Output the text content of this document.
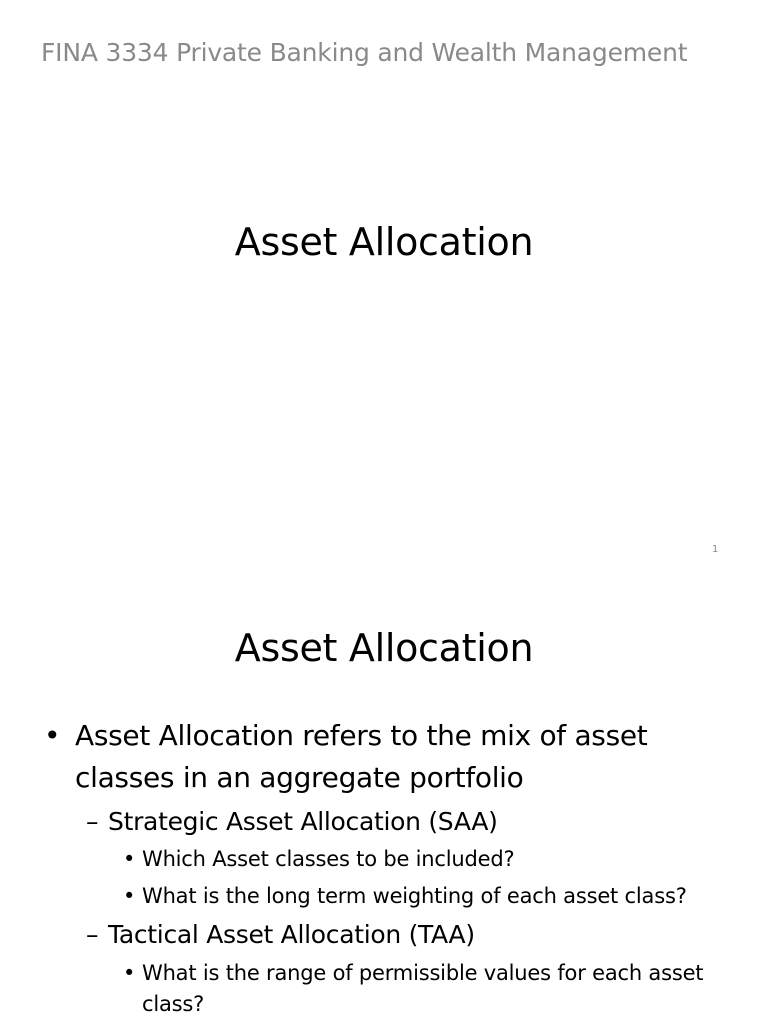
FINA 3334 Private Banking and Wealth Management
Asset Allocation
1
Asset Allocation
• Asset Allocation refers to the mix of asset
classes in an aggregate portfolio
– Strategic Asset Allocation (SAA)
• Which Asset classes to be included?
• What is the long term weighting of each asset class?
– Tactical Asset Allocation (TAA)
• What is the range of permissible values for each asset
class?
